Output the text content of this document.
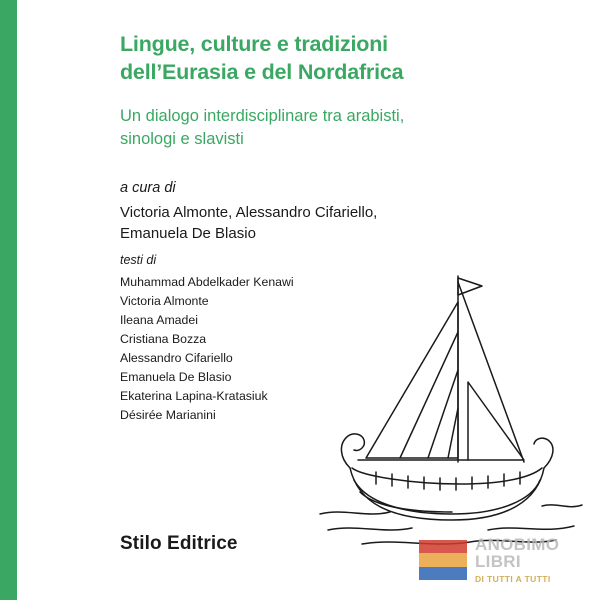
Lingue, culture e tradizioni
dell’Eurasia e del Nordafrica
Un dialogo interdisciplinare tra arabisti,
sinologi e slavisti

a cura di

Victoria Almonte, Alessandro Cifariello,

Emanuela De Blasio

testi di

Muhammad Abdelkader Kenawi

Victoria Almonte

Ileana Amadei

Cristiana Bozza

Alessandro Cifariello

Emanuela De Blasio

Ekaterina Lapina-Kratasiuk

Désirée Marianini

Stilo Editrice	ANOBIMO
LIBRI
DI TUTTI A TUTTI
